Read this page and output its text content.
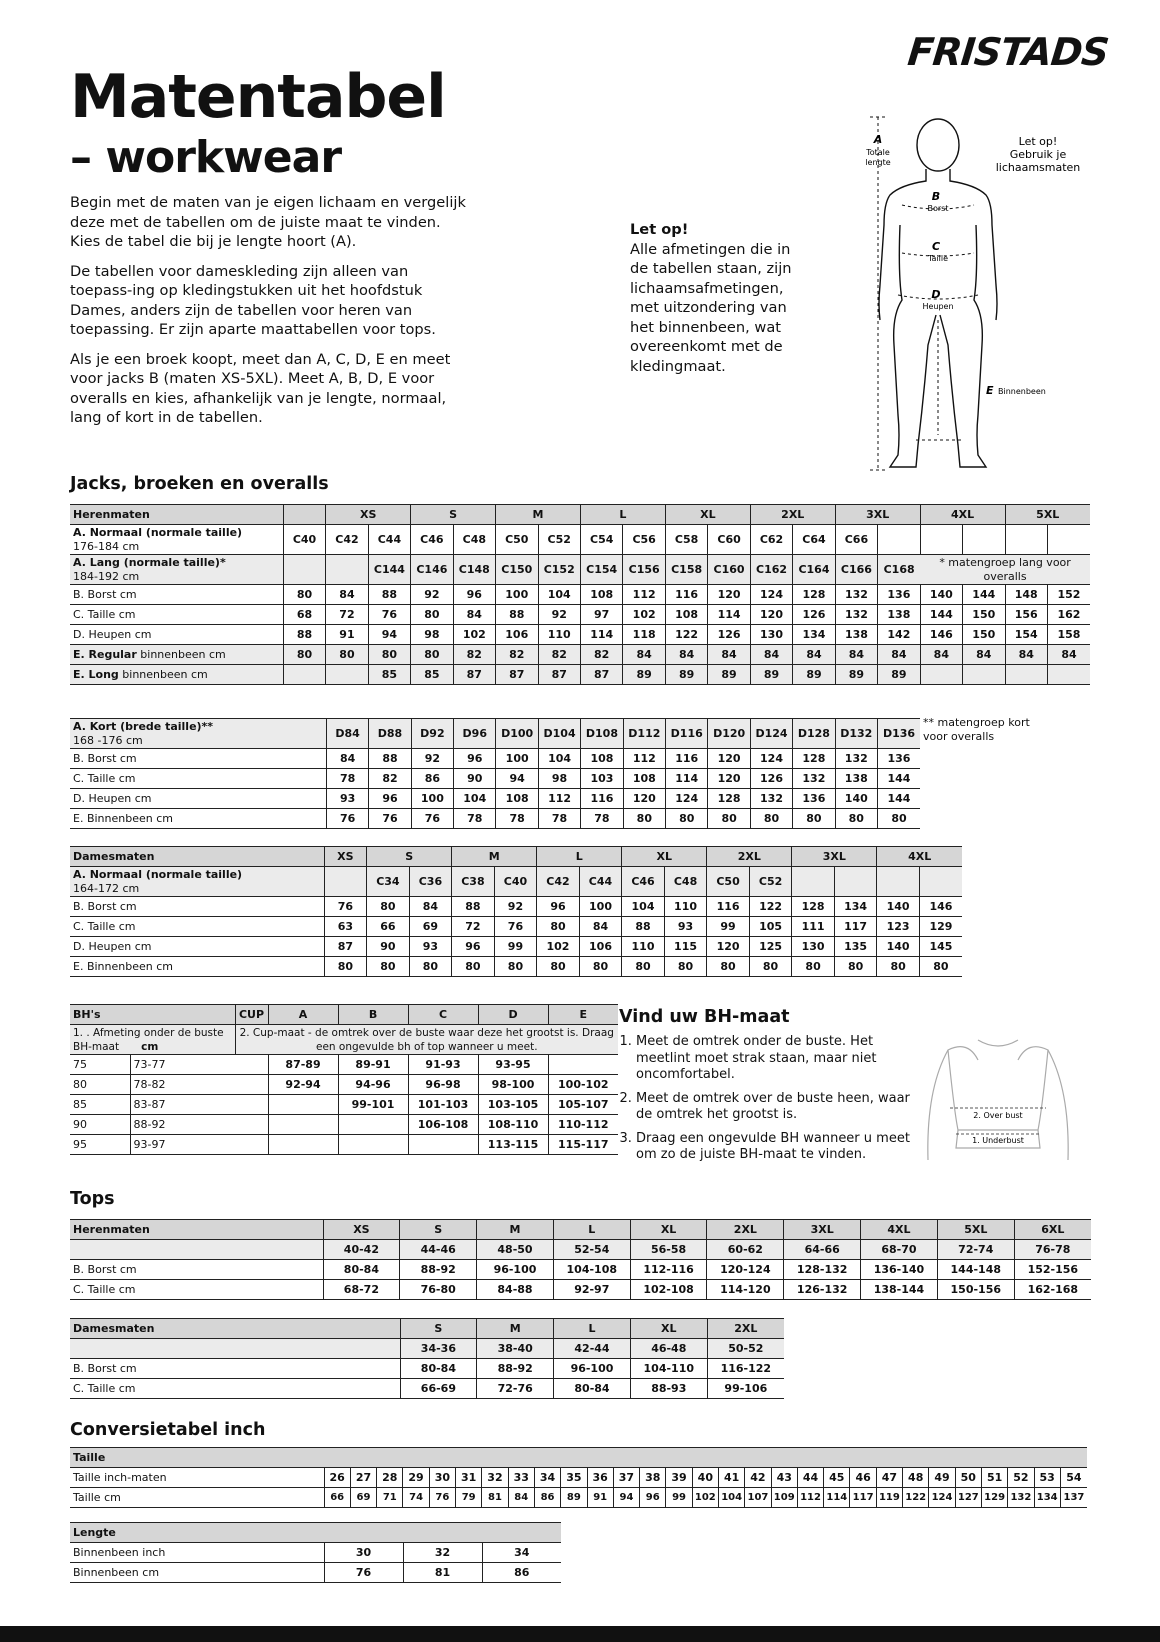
FRISTADS
Matentabel
– workwear

Begin met de maten van je eigen lichaam en vergelijk deze met de tabellen om de juiste maat te vinden. Kies de tabel die bij je lengte hoort (A).

De tabellen voor dameskleding zijn alleen van toepass-ing op kledingstukken uit het hoofdstuk Dames, anders zijn de tabellen voor heren van toepassing. Er zijn aparte maattabellen voor tops.

Als je een broek koopt, meet dan A, C, D, E en meet voor jacks B (maten XS-5XL). Meet A, B, D, E voor overalls en kies, afhankelijk van je lengte, normaal, lang of kort in de tabellen.

Let op!
Alle afmetingen die in de tabellen staan, zijn lichaamsafmetingen, met uitzondering van het binnenbeen, wat overeenkomt met de kledingmaat.
A
Totale
lengte
B
Borst
C
Taille
D
Heupen
E Binnenbeen
Let op!
Gebruik je
lichaamsmaten
Jacks, broeken en overalls
Herenmaten		XS		S		M		L		XL		2XL		3XL		4XL		5XL	
A. Normaal (normale taille)
176-184 cm	C40	C42	C44	C46	C48	C50	C52	C54	C56	C58	C60	C62	C64	C66					
A. Lang (normale taille)*
184-192 cm			C144	C146	C148	C150	C152	C154	C156	C158	C160	C162	C164	C166	C168	* matengroep lang voor overalls			
B. Borst cm	80	84	88	92	96	100	104	108	112	116	120	124	128	132	136	140	144	148	152
C. Taille cm	68	72	76	80	84	88	92	97	102	108	114	120	126	132	138	144	150	156	162
D. Heupen cm	88	91	94	98	102	106	110	114	118	122	126	130	134	138	142	146	150	154	158
E. Regular binnenbeen cm	80	80	80	80	82	82	82	82	84	84	84	84	84	84	84	84	84	84	84
E. Long binnenbeen cm			85	85	87	87	87	87	89	89	89	89	89	89	89				
A. Kort (brede taille)**
168 -176 cm	D84	D88	D92	D96	D100	D104	D108	D112	D116	D120	D124	D128	D132	D136
B. Borst cm	84	88	92	96	100	104	108	112	116	120	124	128	132	136
C. Taille cm	78	82	86	90	94	98	103	108	114	120	126	132	138	144
D. Heupen cm	93	96	100	104	108	112	116	120	124	128	132	136	140	144
E. Binnenbeen cm	76	76	76	78	78	78	78	80	80	80	80	80	80	80
** matengroep kort voor overalls
Damesmaten	XS	S		M		L		XL		2XL		3XL		4XL	
A. Normaal (normale taille)
164-172 cm		C34	C36	C38	C40	C42	C44	C46	C48	C50	C52				
B. Borst cm	76	80	84	88	92	96	100	104	110	116	122	128	134	140	146
C. Taille cm	63	66	69	72	76	80	84	88	93	99	105	111	117	123	129
D. Heupen cm	87	90	93	96	99	102	106	110	115	120	125	130	135	140	145
E. Binnenbeen cm	80	80	80	80	80	80	80	80	80	80	80	80	80	80	80
BH's		CUP	A	B	C	D	E
1. . Afmeting onder de buste
BH-maat cm		2. Cup-maat - de omtrek over de buste waar deze het grootst is. Draag een ongevulde bh of top wanneer u meet.					
75	73-77		87-89	89-91	91-93	93-95	
80	78-82		92-94	94-96	96-98	98-100	100-102
85	83-87			99-101	101-103	103-105	105-107
90	88-92				106-108	108-110	110-112
95	93-97					113-115	115-117
Vind uw BH-maat
1. Meet de omtrek onder de buste. Het meetlint moet strak staan, maar niet oncomfortabel.
2. Meet de omtrek over de buste heen, waar de omtrek het grootst is.
3. Draag een ongevulde BH wanneer u meet om zo de juiste BH-maat te vinden.
2. Over bust
1. Underbust
Tops
Herenmaten	XS	S	M	L	XL	2XL	3XL	4XL	5XL	6XL
	40-42	44-46	48-50	52-54	56-58	60-62	64-66	68-70	72-74	76-78
B. Borst cm	80-84	88-92	96-100	104-108	112-116	120-124	128-132	136-140	144-148	152-156
C. Taille cm	68-72	76-80	84-88	92-97	102-108	114-120	126-132	138-144	150-156	162-168
Damesmaten	S	M	L	XL	2XL
	34-36	38-40	42-44	46-48	50-52
B. Borst cm	80-84	88-92	96-100	104-110	116-122
C. Taille cm	66-69	72-76	80-84	88-93	99-106
Conversietabel inch
Taille																													
Taille inch-maten	26	27	28	29	30	31	32	33	34	35	36	37	38	39	40	41	42	43	44	45	46	47	48	49	50	51	52	53	54
Taille cm	66	69	71	74	76	79	81	84	86	89	91	94	96	99	102	104	107	109	112	114	117	119	122	124	127	129	132	134	137
Lengte			
Binnenbeen inch	30	32	34
Binnenbeen cm	76	81	86
